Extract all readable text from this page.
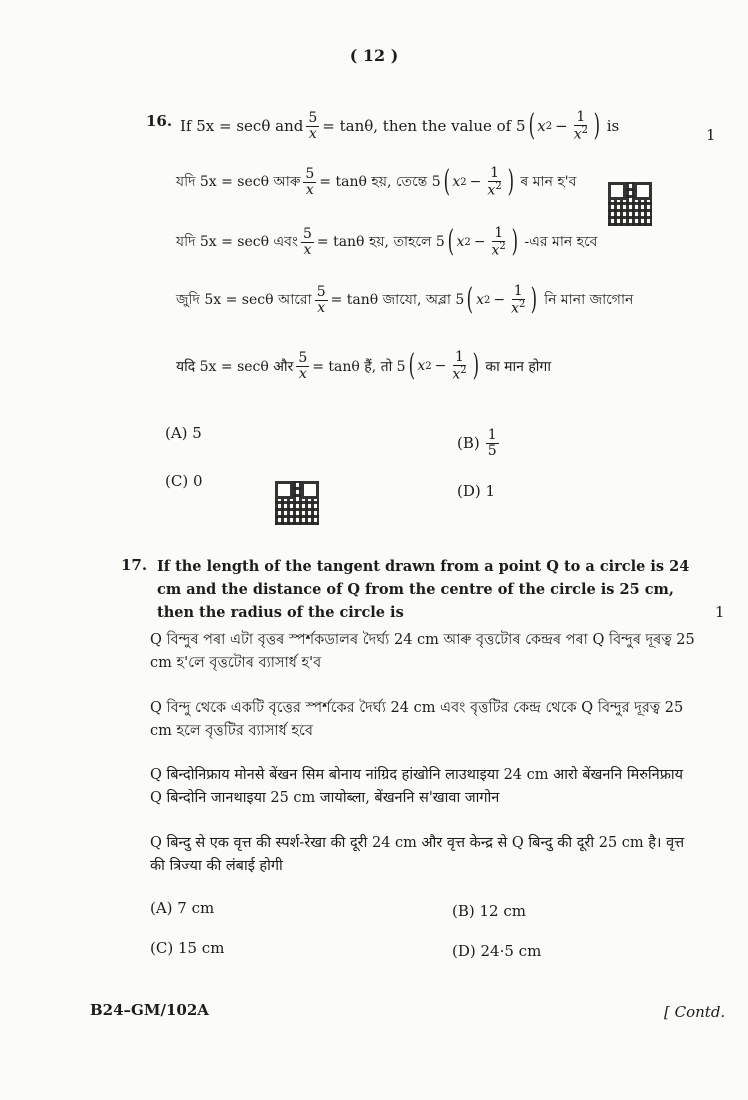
( 12 )
16.
1
If 5x = secθ and $\frac{5}{x} = \tan\theta$, then the value of 5 ( x $2 - \frac{1}{x^2}$ ) is
যদি 5x = secθ আৰু $\frac{5}{x} = \tan\theta$ হয়, তেন্তে 5 ( x $2 - \frac{1}{x^2}$ ) ৰ মান হ'ব
যদি 5x = secθ এবং $\frac{5}{x} = \tan\theta$ হয়, তাহলে 5 ( x $2 - \frac{1}{x^2}$ ) -এর মান হবে
জুদি 5x = secθ আরো $\frac{5}{x} = \tan\theta$ জাযো, অব্লা 5 ( x $2 - \frac{1}{x^2}$ ) নি মানা জাগোন
यदि 5x = secθ और $\frac{5}{x} = \tan\theta$ हैं, तो 5 ( x $2 - \frac{1}{x^2}$ ) का मान होगा
(A) 5
$(B) \frac{1}{5}$
(C) 0
(D) 1
17. If the length of the tangent drawn from a point Q to a circle is 24 cm and the distance of Q from the centre of the circle is 25 cm, then the radius of the circle is	1
Q বিন্দুৰ পৰা এটা বৃত্তৰ স্পৰ্শকডালৰ দৈৰ্ঘ্য 24 cm আৰু বৃত্তটোৰ কেন্দ্ৰৰ পৰা Q বিন্দুৰ দূৰত্ব 25 cm হ'লে বৃত্তটোৰ ব্যাসাৰ্ধ হ'ব
Q বিন্দু থেকে একটি বৃত্তের স্পর্শকের দৈর্ঘ্য 24 cm এবং বৃত্তটির কেন্দ্র থেকে Q বিন্দুর দূরত্ব 25 cm হলে বৃত্তটির ব্যাসার্ধ হবে
Q बिन्दोनिफ्राय मोनसे बेंखन सिम बोनाय नांग्रिद हांखोनि लाउथाइया 24 cm आरो बेंखननि मिरुनिफ्राय Q बिन्दोनि जानथाइया 25 cm जायोब्ला, बेंखननि स'खावा जागोन
Q बिन्दु से एक वृत्त की स्पर्श-रेखा की दूरी 24 cm और वृत्त केन्द्र से Q बिन्दु की दूरी 25 cm है। वृत्त की त्रिज्या की लंबाई होगी
(A) 7 cm	(B) 12 cm
(C) 15 cm	(D) 24·5 cm
B24–GM/102A	[ Contd.
